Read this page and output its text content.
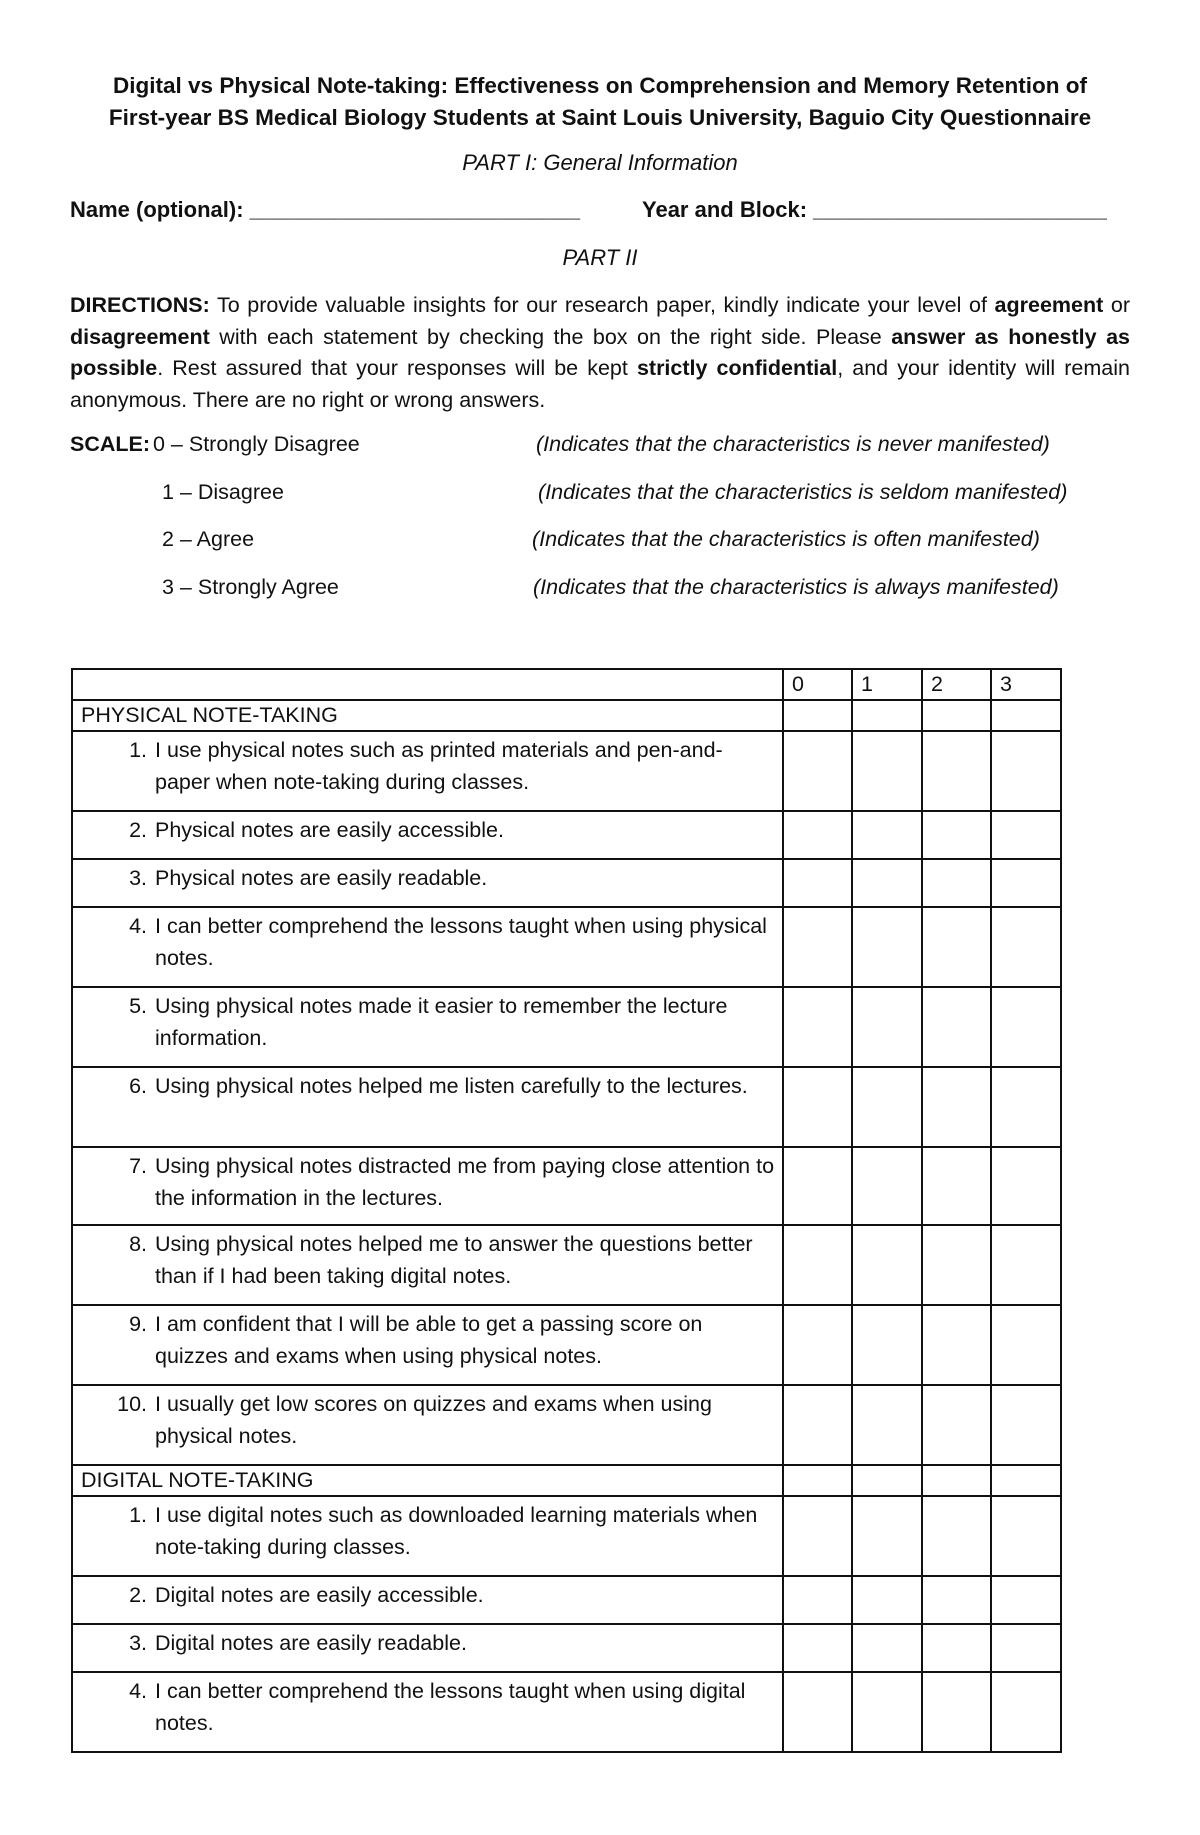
Digital vs Physical Note-taking: Effectiveness on Comprehension and Memory Retention of
First-year BS Medical Biology Students at Saint Louis University, Baguio City Questionnaire
PART I: General Information
Name (optional): ___________________________	Year and Block: ________________________
PART II
DIRECTIONS: To provide valuable insights for our research paper, kindly indicate your level of agreement or disagreement with each statement by checking the box on the right side. Please answer as honestly as possible. Rest assured that your responses will be kept strictly confidential, and your identity will remain anonymous. There are no right or wrong answers.
SCALE: 0 – Strongly Disagree	(Indicates that the characteristics is never manifested)
1 – Disagree	(Indicates that the characteristics is seldom manifested)
2 – Agree	(Indicates that the characteristics is often manifested)
3 – Strongly Agree	(Indicates that the characteristics is always manifested)
	0	1	2	3
PHYSICAL NOTE-TAKING				

1. I use physical notes such as printed materials and pen-and-paper when note-taking during classes.				

2. Physical notes are easily accessible.				

3. Physical notes are easily readable.				

4. I can better comprehend the lessons taught when using physical notes.				

5. Using physical notes made it easier to remember the lecture information.				

6. Using physical notes helped me listen carefully to the lectures.				

7. Using physical notes distracted me from paying close attention to the information in the lectures.				

8. Using physical notes helped me to answer the questions better than if I had been taking digital notes.				

9. I am confident that I will be able to get a passing score on quizzes and exams when using physical notes.				

10. I usually get low scores on quizzes and exams when using physical notes.				

DIGITAL NOTE-TAKING				

1. I use digital notes such as downloaded learning materials when note-taking during classes.				

2. Digital notes are easily accessible.				

3. Digital notes are easily readable.				

4. I can better comprehend the lessons taught when using digital notes.				
